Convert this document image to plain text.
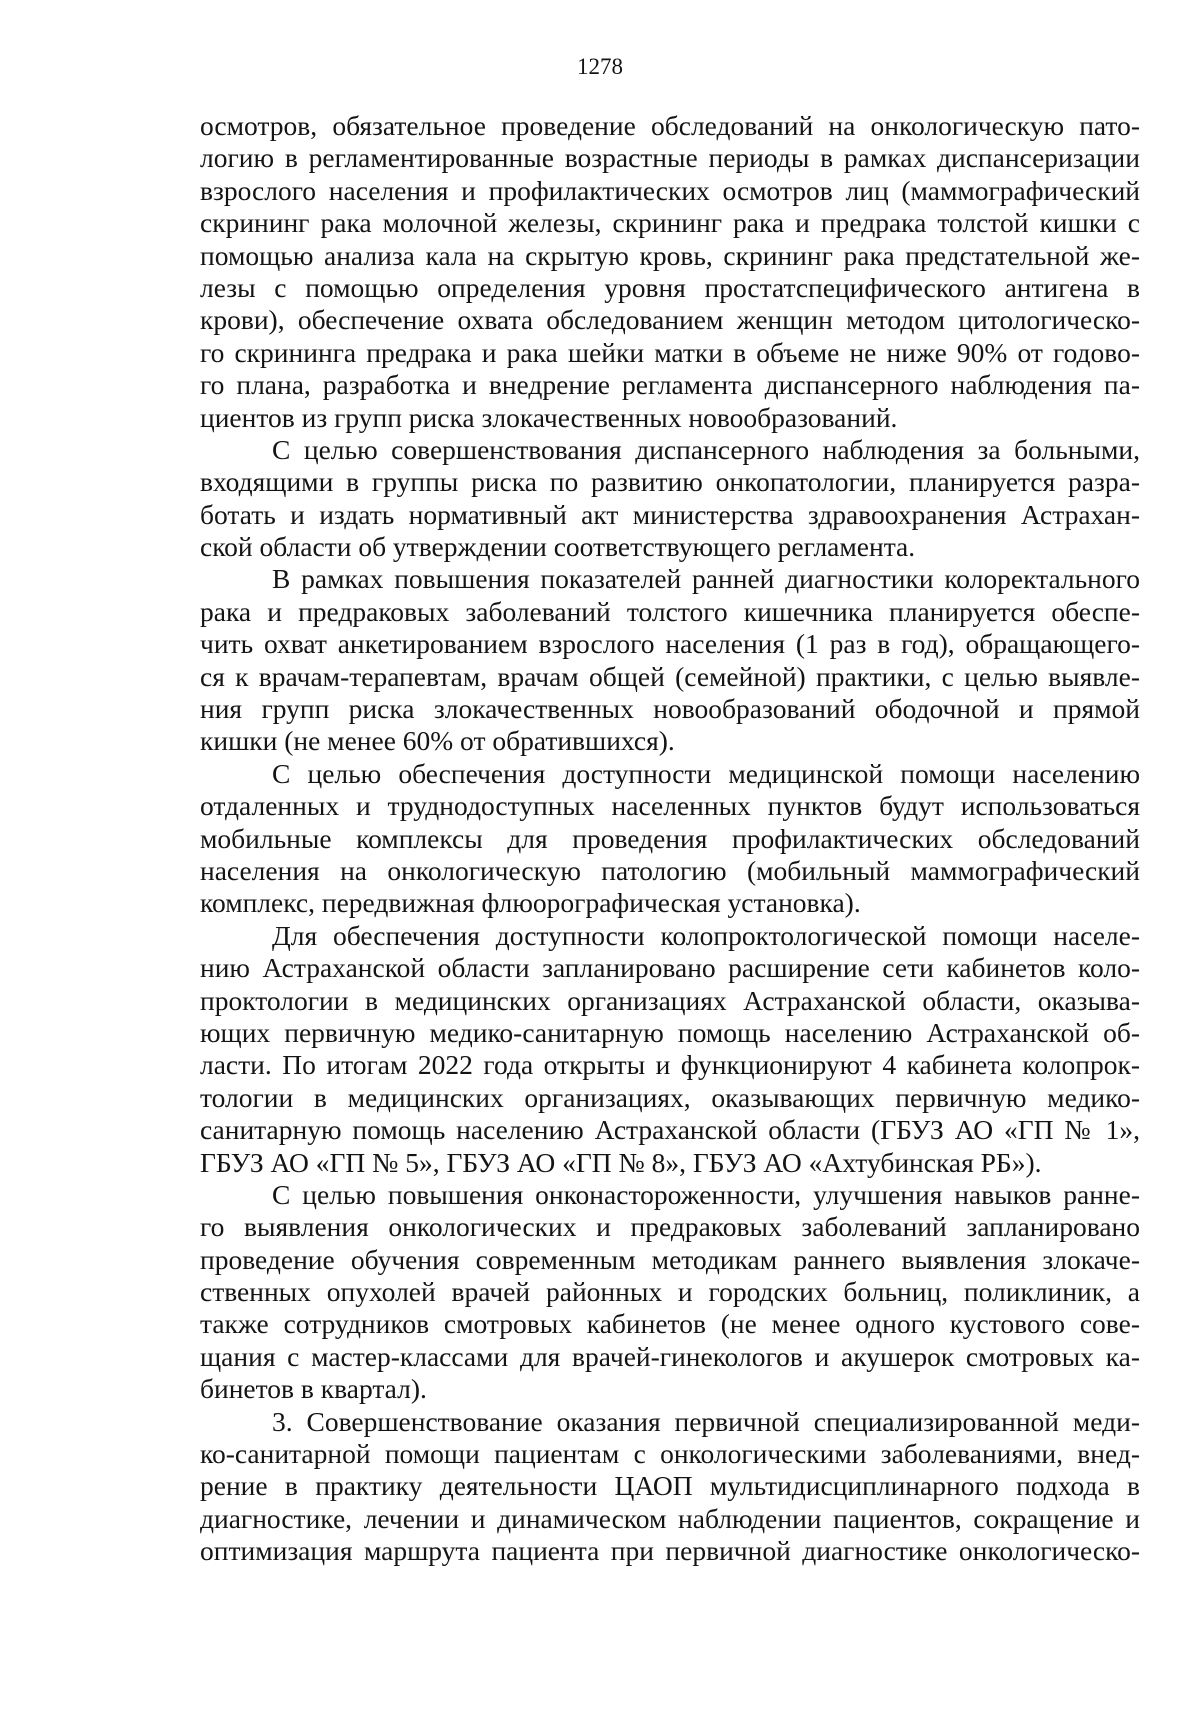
1278
осмотров, обязательное проведение обследований на онкологическую пато-
логию в регламентированные возрастные периоды в рамках диспансеризации
взрослого населения и профилактических осмотров лиц (маммографический
скрининг рака молочной железы, скрининг рака и предрака толстой кишки с
помощью анализа кала на скрытую кровь, скрининг рака предстательной же-
лезы с помощью определения уровня простатспецифического антигена в
крови), обеспечение охвата обследованием женщин методом цитологическо-
го скрининга предрака и рака шейки матки в объеме не ниже 90% от годово-
го плана, разработка и внедрение регламента диспансерного наблюдения па-
циентов из групп риска злокачественных новообразований.
С целью совершенствования диспансерного наблюдения за больными,
входящими в группы риска по развитию онкопатологии, планируется разра-
ботать и издать нормативный акт министерства здравоохранения Астрахан-
ской области об утверждении соответствующего регламента.
В рамках повышения показателей ранней диагностики колоректального
рака и предраковых заболеваний толстого кишечника планируется обеспе-
чить охват анкетированием взрослого населения (1 раз в год), обращающего-
ся к врачам-терапевтам, врачам общей (семейной) практики, с целью выявле-
ния групп риска злокачественных новообразований ободочной и прямой
кишки (не менее 60% от обратившихся).
С целью обеспечения доступности медицинской помощи населению
отдаленных и труднодоступных населенных пунктов будут использоваться
мобильные комплексы для проведения профилактических обследований
населения на онкологическую патологию (мобильный маммографический
комплекс, передвижная флюорографическая установка).
Для обеспечения доступности колопроктологической помощи населе-
нию Астраханской области запланировано расширение сети кабинетов коло-
проктологии в медицинских организациях Астраханской области, оказыва-
ющих первичную медико-санитарную помощь населению Астраханской об-
ласти. По итогам 2022 года открыты и функционируют 4 кабинета колопрок-
тологии в медицинских организациях, оказывающих первичную медико-
санитарную помощь населению Астраханской области (ГБУЗ АО «ГП № 1»,
ГБУЗ АО «ГП № 5», ГБУЗ АО «ГП № 8», ГБУЗ АО «Ахтубинская РБ»).
С целью повышения онконастороженности, улучшения навыков ранне-
го выявления онкологических и предраковых заболеваний запланировано
проведение обучения современным методикам раннего выявления злокаче-
ственных опухолей врачей районных и городских больниц, поликлиник, а
также сотрудников смотровых кабинетов (не менее одного кустового сове-
щания с мастер-классами для врачей-гинекологов и акушерок смотровых ка-
бинетов в квартал).
3. Совершенствование оказания первичной специализированной меди-
ко-санитарной помощи пациентам с онкологическими заболеваниями, внед-
рение в практику деятельности ЦАОП мультидисциплинарного подхода в
диагностике, лечении и динамическом наблюдении пациентов, сокращение и
оптимизация маршрута пациента при первичной диагностике онкологическо-
